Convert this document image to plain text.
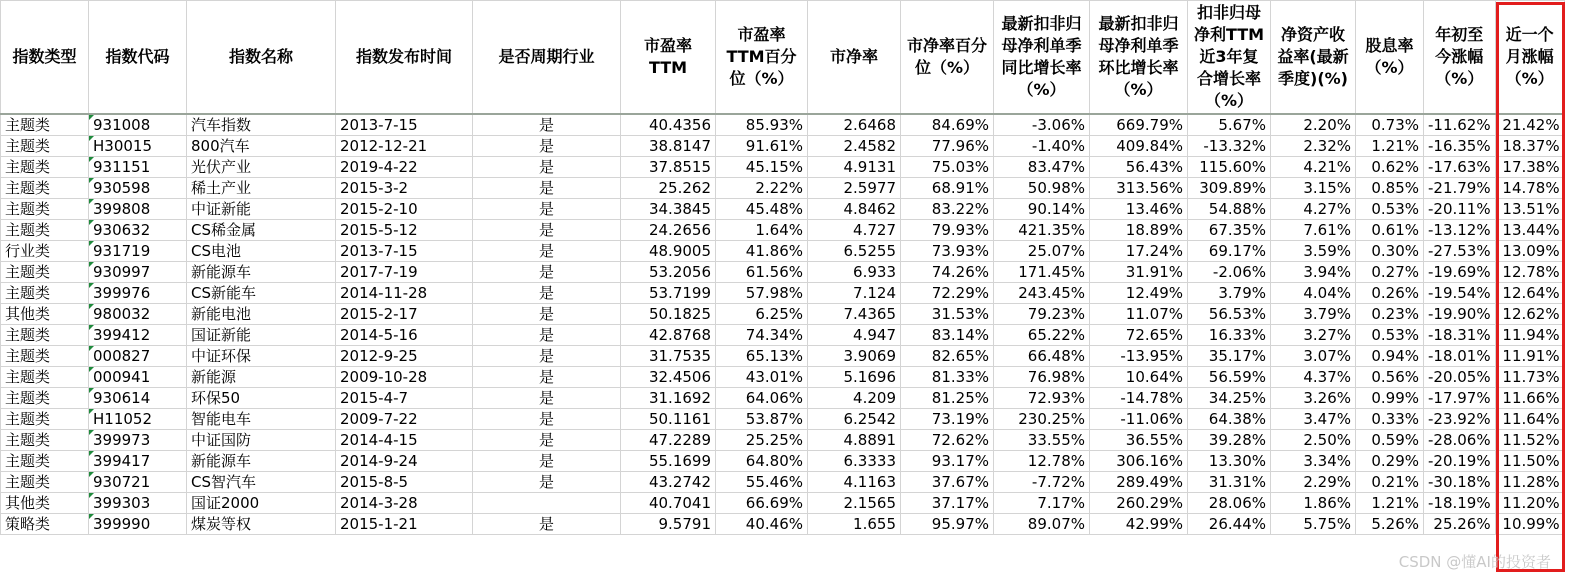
指数类型	指数代码	指数名称	指数发布时间	是否周期行业	市盈率TTM	市盈率TTM百分位（%）	市净率	市净率百分位（%）	最新扣非归母净利单季同比增长率（%）	最新扣非归母净利单季环比增长率（%）	扣非归母净利TTM近3年复合增长率（%）	净资产收益率(最新季度)(%)	股息率（%）	年初至今涨幅（%）	近一个月涨幅（%）
主题类	931008	汽车指数	2013-7-15	是	40.4356	85.93%	2.6468	84.69%	-3.06%	669.79%	5.67%	2.20%	0.73%	-11.62%	21.42%
主题类	H30015	800汽车	2012-12-21	是	38.8147	91.61%	2.4582	77.96%	-1.40%	409.84%	-13.32%	2.32%	1.21%	-16.35%	18.37%
主题类	931151	光伏产业	2019-4-22	是	37.8515	45.15%	4.9131	75.03%	83.47%	56.43%	115.60%	4.21%	0.62%	-17.63%	17.38%
主题类	930598	稀土产业	2015-3-2	是	25.262	2.22%	2.5977	68.91%	50.98%	313.56%	309.89%	3.15%	0.85%	-21.79%	14.78%
主题类	399808	中证新能	2015-2-10	是	34.3845	45.48%	4.8462	83.22%	90.14%	13.46%	54.88%	4.27%	0.53%	-20.11%	13.51%
主题类	930632	CS稀金属	2015-5-12	是	24.2656	1.64%	4.727	79.93%	421.35%	18.89%	67.35%	7.61%	0.61%	-13.12%	13.44%
行业类	931719	CS电池	2013-7-15	是	48.9005	41.86%	6.5255	73.93%	25.07%	17.24%	69.17%	3.59%	0.30%	-27.53%	13.09%
主题类	930997	新能源车	2017-7-19	是	53.2056	61.56%	6.933	74.26%	171.45%	31.91%	-2.06%	3.94%	0.27%	-19.69%	12.78%
主题类	399976	CS新能车	2014-11-28	是	53.7199	57.98%	7.124	72.29%	243.45%	12.49%	3.79%	4.04%	0.26%	-19.54%	12.64%
其他类	980032	新能电池	2015-2-17	是	50.1825	6.25%	7.4365	31.53%	79.23%	11.07%	56.53%	3.79%	0.23%	-19.90%	12.62%
主题类	399412	国证新能	2014-5-16	是	42.8768	74.34%	4.947	83.14%	65.22%	72.65%	16.33%	3.27%	0.53%	-18.31%	11.94%
主题类	000827	中证环保	2012-9-25	是	31.7535	65.13%	3.9069	82.65%	66.48%	-13.95%	35.17%	3.07%	0.94%	-18.01%	11.91%
主题类	000941	新能源	2009-10-28	是	32.4506	43.01%	5.1696	81.33%	76.98%	10.64%	56.59%	4.37%	0.56%	-20.05%	11.73%
主题类	930614	环保50	2015-4-7	是	31.1692	64.06%	4.209	81.25%	72.93%	-14.78%	34.25%	3.26%	0.99%	-17.97%	11.66%
主题类	H11052	智能电车	2009-7-22	是	50.1161	53.87%	6.2542	73.19%	230.25%	-11.06%	64.38%	3.47%	0.33%	-23.92%	11.64%
主题类	399973	中证国防	2014-4-15	是	47.2289	25.25%	4.8891	72.62%	33.55%	36.55%	39.28%	2.50%	0.59%	-28.06%	11.52%
主题类	399417	新能源车	2014-9-24	是	55.1699	64.80%	6.3333	93.17%	12.78%	306.16%	13.30%	3.34%	0.29%	-20.19%	11.50%
主题类	930721	CS智汽车	2015-8-5	是	43.2742	55.46%	4.1163	37.67%	-7.72%	289.49%	31.31%	2.29%	0.21%	-30.18%	11.28%
其他类	399303	国证2000	2014-3-28		40.7041	66.69%	2.1565	37.17%	7.17%	260.29%	28.06%	1.86%	1.21%	-18.19%	11.20%
策略类	399990	煤炭等权	2015-1-21	是	9.5791	40.46%	1.655	95.97%	89.07%	42.99%	26.44%	5.75%	5.26%	25.26%	10.99%
CSDN @懂AI的投资者
